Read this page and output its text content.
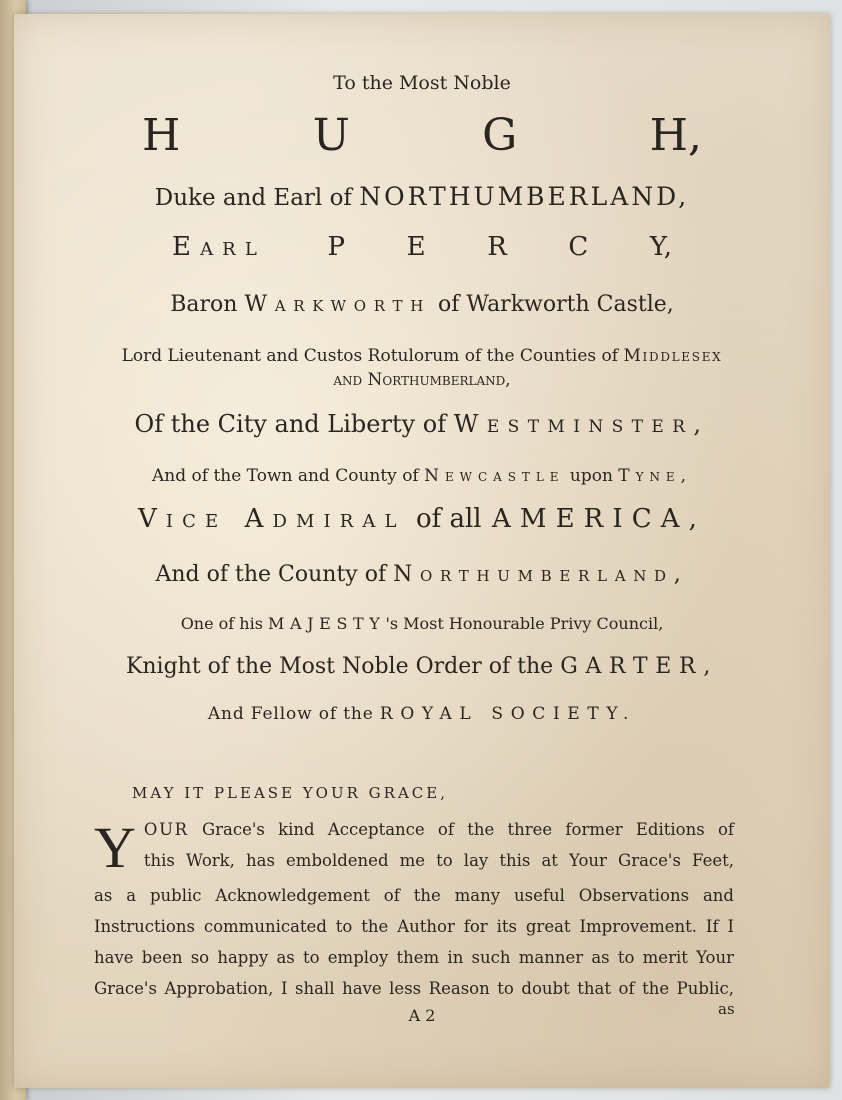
To the Most Noble
H	U	G	H,
Duke and Earl of NORTHUMBERLAND,
Earl P E R C Y,
Baron Warkworth of Warkworth Castle,
Lord Lieutenant and Custos Rotulorum of the Counties of Middlesex
and Northumberland,
Of the City and Liberty of Westminster,
And of the Town and County of Newcastle upon Tyne,
Vice Admiral of all AMERICA,
And of the County of Northumberland,
One of his MAJESTY's Most Honourable Privy Council,
Knight of the Most Noble Order of the GARTER,
And Fellow of the ROYAL SOCIETY.
MAY IT PLEASE YOUR GRACE,
Y OUR Grace's kind Acceptance of the three former Editions of
this Work, has emboldened me to lay this at Your Grace's Feet,
as a public Acknowledgement of the many useful Observations and
Instructions communicated to the Author for its great Improvement. If I
have been so happy as to employ them in such manner as to merit Your
Grace's Approbation, I shall have less Reason to doubt that of the Public,
A 2	as
